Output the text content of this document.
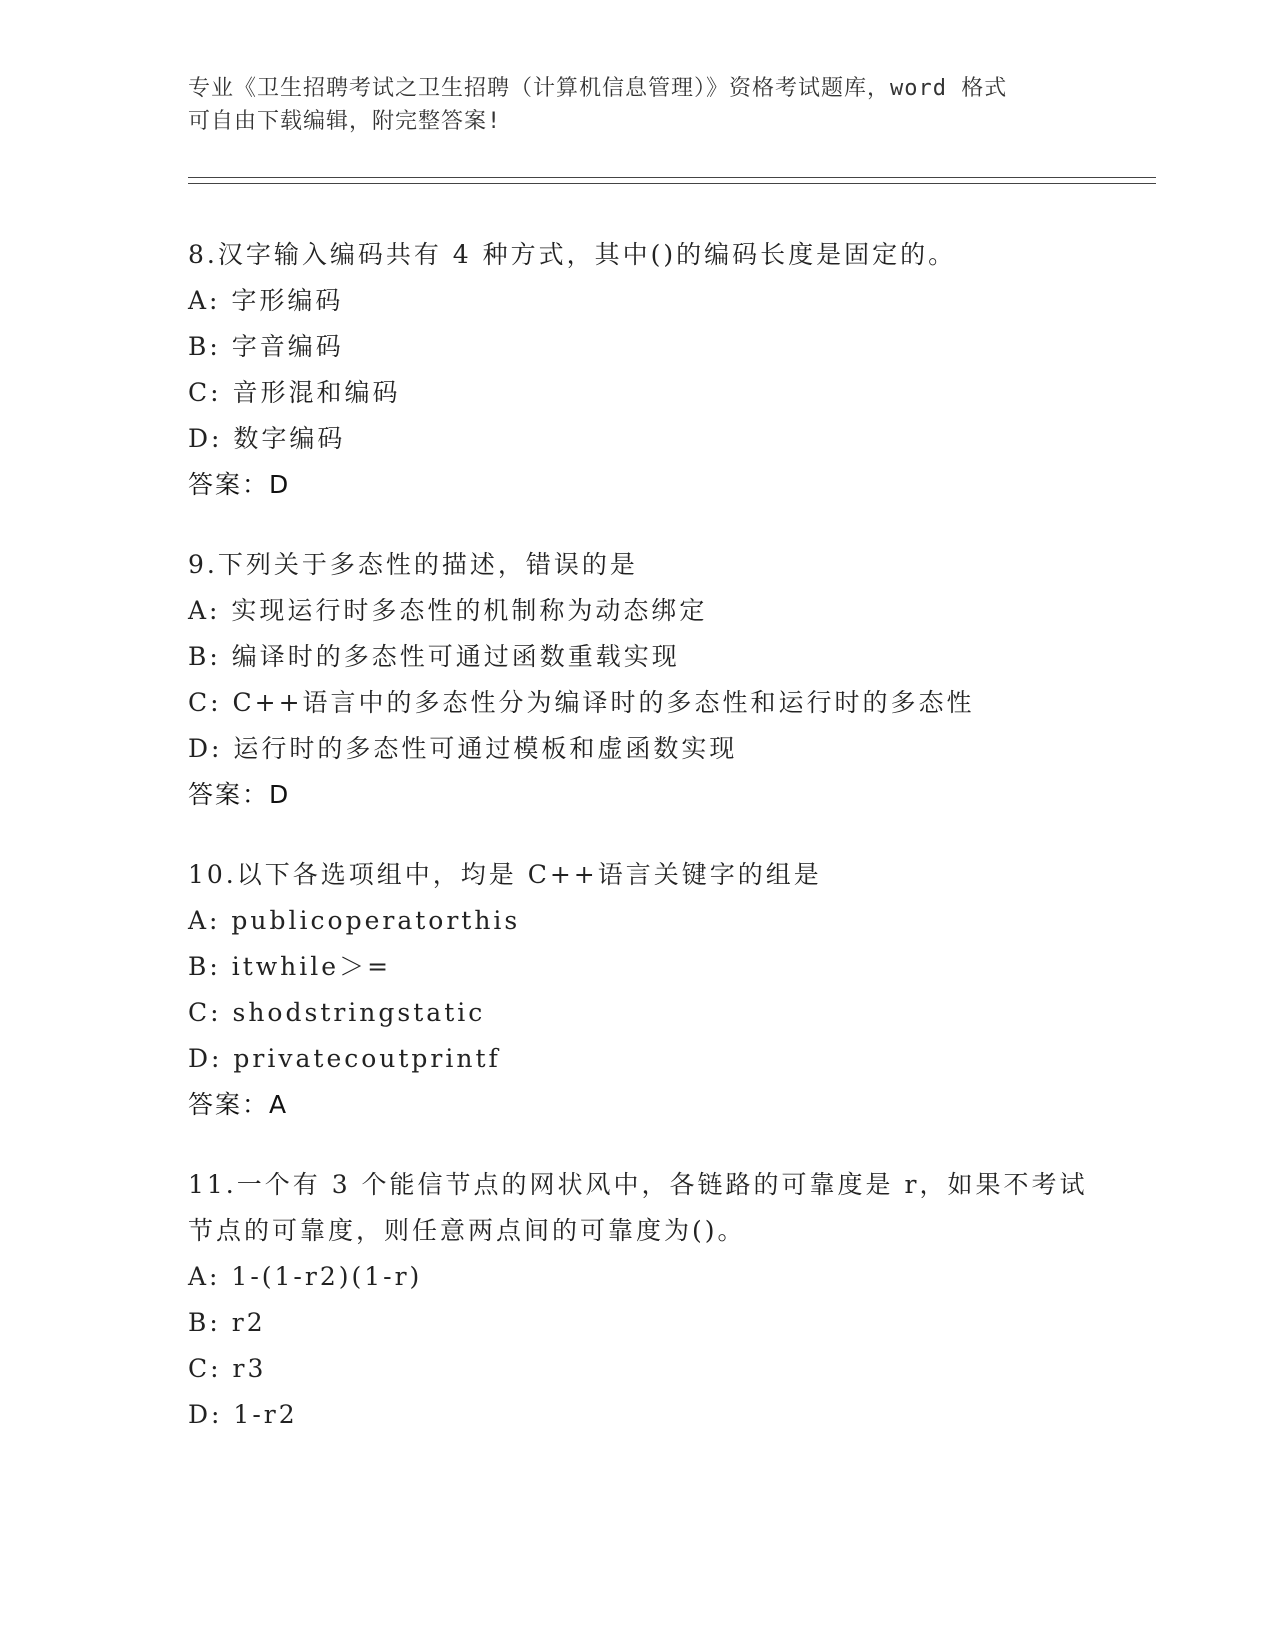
专业《卫生招聘考试之卫生招聘（计算机信息管理）》资格考试题库，word 格式
可自由下载编辑，附完整答案!
8.汉字输入编码共有 4 种方式，其中()的编码长度是固定的。
A: 字形编码
B: 字音编码
C: 音形混和编码
D: 数字编码
答案：D
9.下列关于多态性的描述，错误的是
A: 实现运行时多态性的机制称为动态绑定
B: 编译时的多态性可通过函数重载实现
C: C++语言中的多态性分为编译时的多态性和运行时的多态性
D: 运行时的多态性可通过模板和虚函数实现
答案：D
10.以下各选项组中，均是 C++语言关键字的组是
A: publicoperatorthis
B: itwhile＞=
C: shodstringstatic
D: privatecoutprintf
答案：A
11.一个有 3 个能信节点的网状风中，各链路的可靠度是 r，如果不考试节点的可靠度，则任意两点间的可靠度为()。
A: 1-(1-r2)(1-r)
B: r2
C: r3
D: 1-r2
